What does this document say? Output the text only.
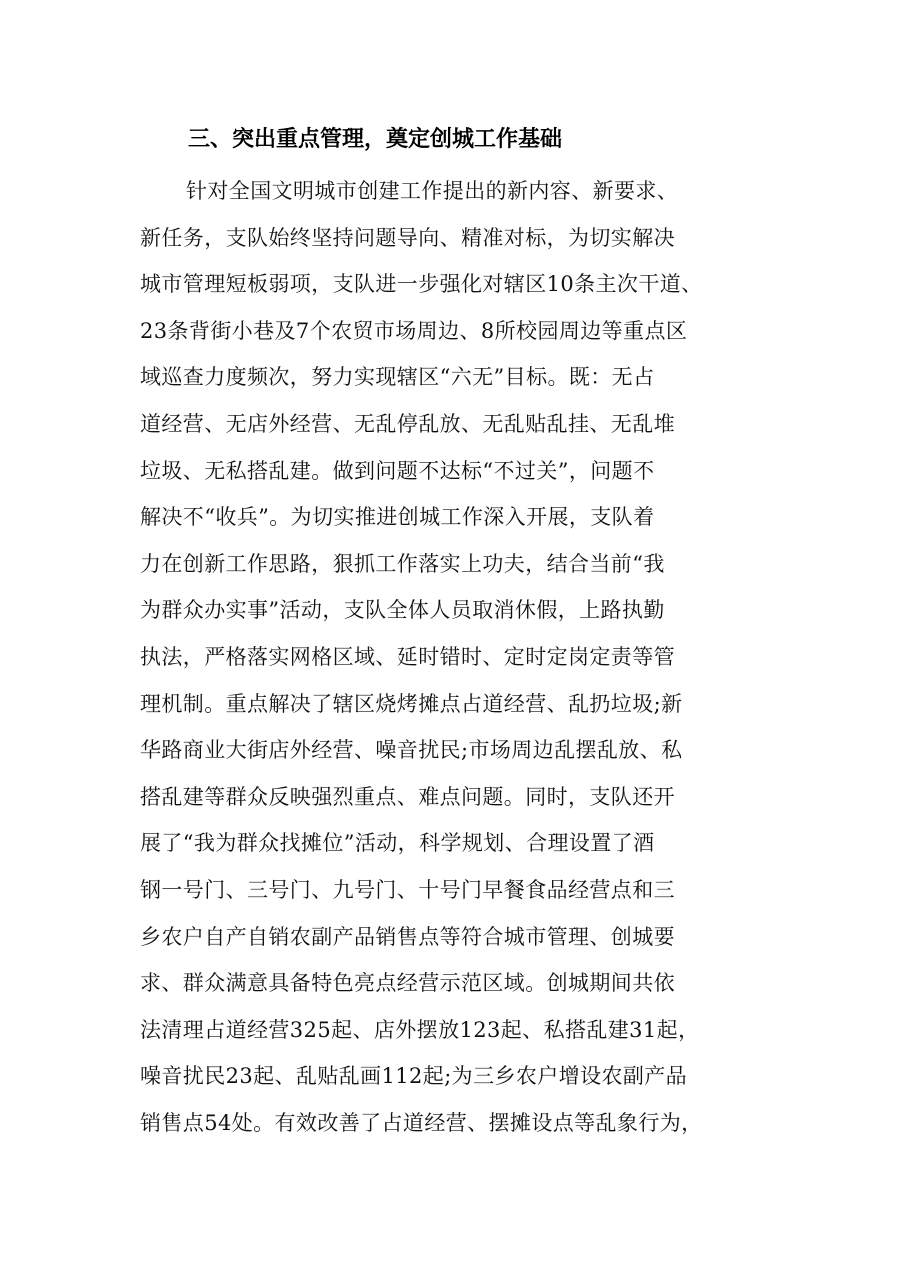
三、突出重点管理，奠定创城工作基础
针对全国文明城市创建工作提出的新内容、新要求、
新任务，支队始终坚持问题导向、精准对标，为切实解决
城市管理短板弱项，支队进一步强化对辖区10条主次干道、
23条背街小巷及7个农贸市场周边、8所校园周边等重点区
域巡查力度频次，努力实现辖区“六无”目标。既：无占
道经营、无店外经营、无乱停乱放、无乱贴乱挂、无乱堆
垃圾、无私搭乱建。做到问题不达标“不过关”，问题不
解决不“收兵”。为切实推进创城工作深入开展，支队着
力在创新工作思路，狠抓工作落实上功夫，结合当前“我
为群众办实事”活动，支队全体人员取消休假，上路执勤
执法，严格落实网格区域、延时错时、定时定岗定责等管
理机制。重点解决了辖区烧烤摊点占道经营、乱扔垃圾;新
华路商业大街店外经营、噪音扰民;市场周边乱摆乱放、私
搭乱建等群众反映强烈重点、难点问题。同时，支队还开
展了“我为群众找摊位”活动，科学规划、合理设置了酒
钢一号门、三号门、九号门、十号门早餐食品经营点和三
乡农户自产自销农副产品销售点等符合城市管理、创城要
求、群众满意具备特色亮点经营示范区域。创城期间共依
法清理占道经营325起、店外摆放123起、私搭乱建31起，
噪音扰民23起、乱贴乱画112起;为三乡农户增设农副产品
销售点54处。有效改善了占道经营、摆摊设点等乱象行为，
